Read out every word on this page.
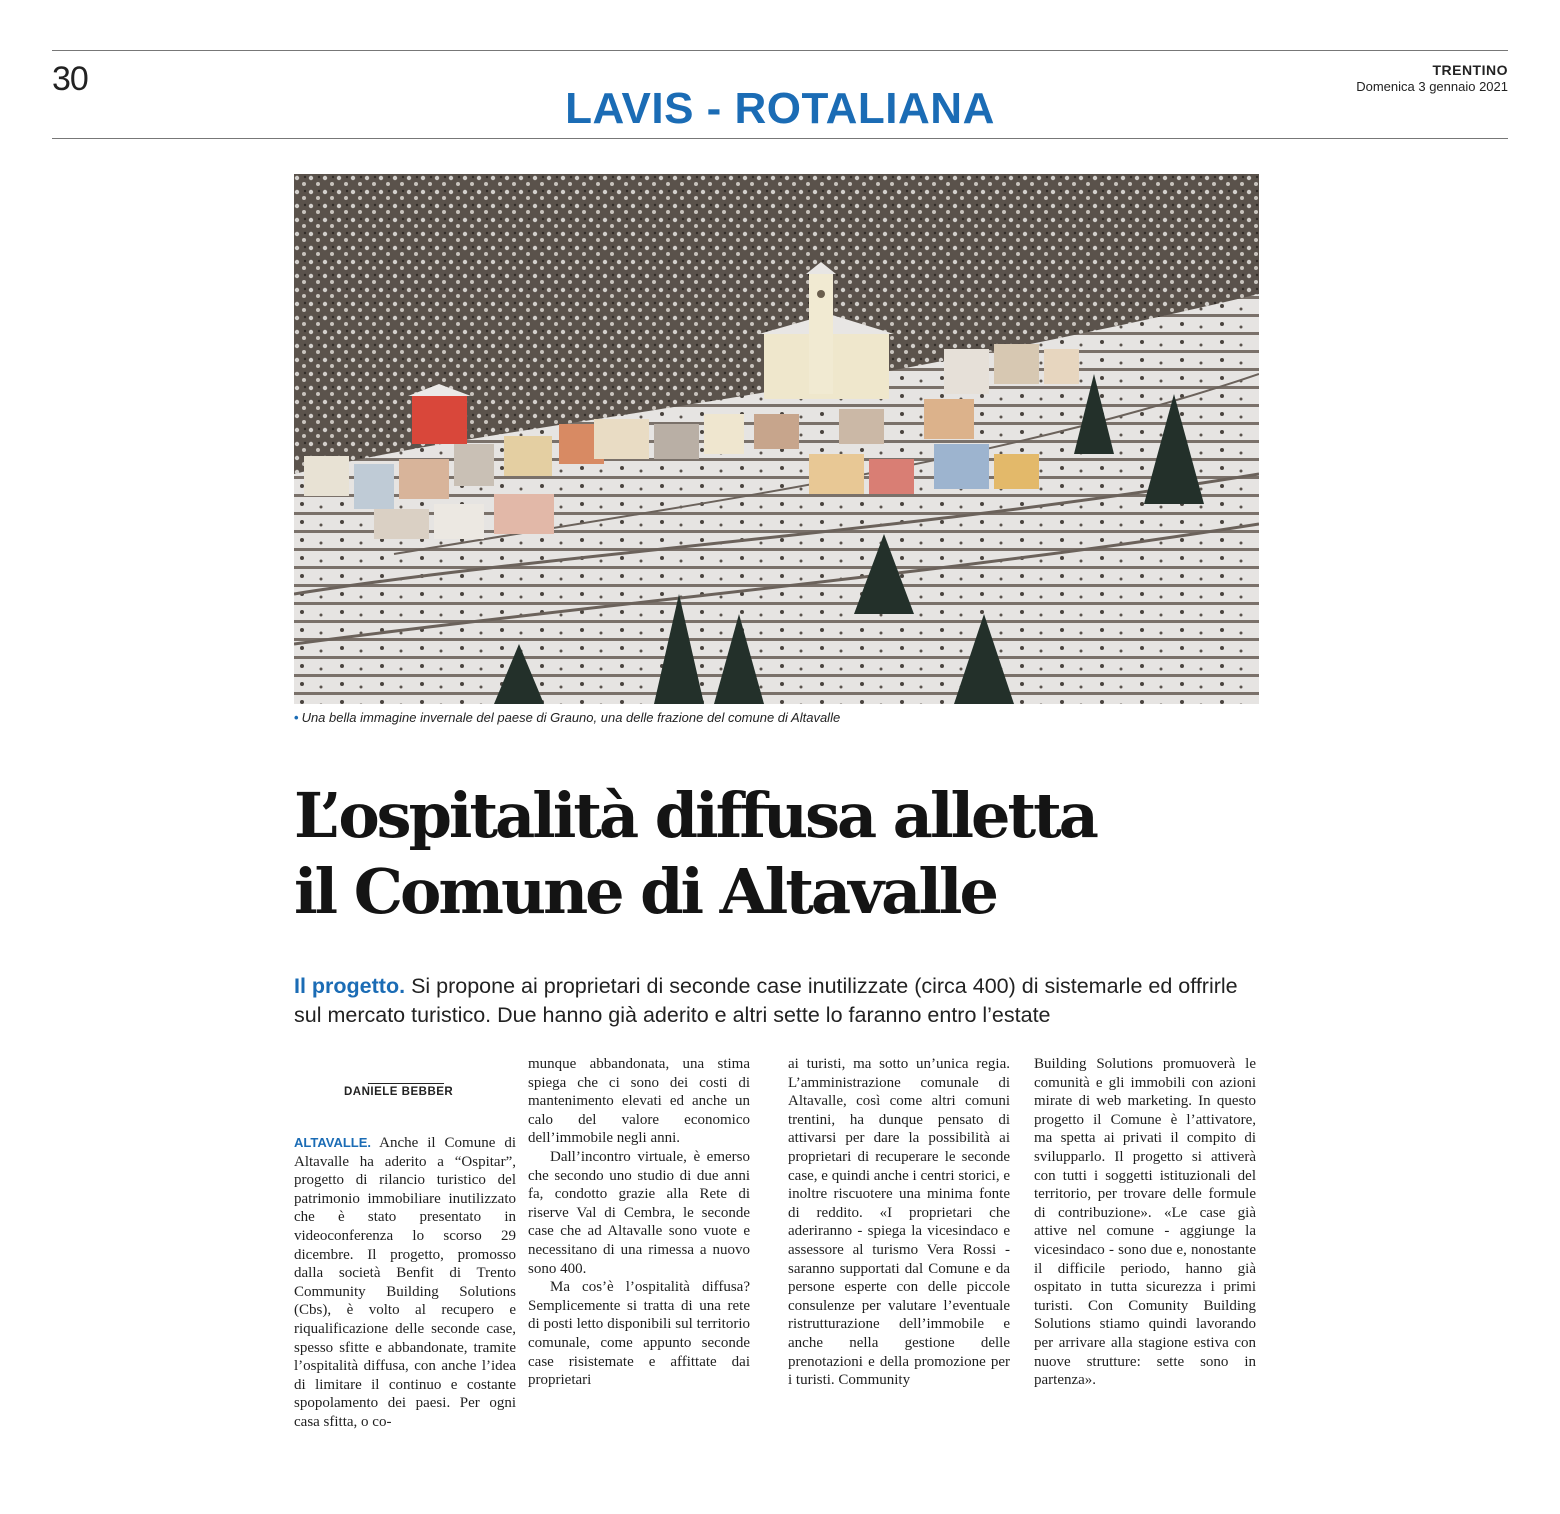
30	TRENTINO
Domenica 3 gennaio 2021
LAVIS - ROTALIANA
• Una bella immagine invernale del paese di Grauno, una delle frazione del comune di Altavalle
L’ospitalità diffusa alletta
il Comune di Altavalle
Il progetto. Si propone ai proprietari di seconde case inutilizzate (circa 400) di sistemarle ed offrirle sul mercato turistico. Due hanno già aderito e altri sette lo faranno entro l’estate
DANIELE BEBBER

ALTAVALLE. Anche il Comune di Altavalle ha aderito a “Ospitar”, progetto di rilancio turistico del patrimonio immobiliare inutilizzato che è stato presentato in videoconferenza lo scorso 29 dicembre. Il progetto, promosso dalla società Benfit di Trento Community Building Solutions (Cbs), è volto al recupero e riqualificazione delle seconde case, spesso sfitte e abbandonate, tramite l’ospitalità diffusa, con anche l’idea di limitare il continuo e costante spopolamento dei paesi. Per ogni casa sfitta, o co-

munque abbandonata, una stima spiega che ci sono dei costi di mantenimento elevati ed anche un calo del valore economico dell’immobile negli anni.

Dall’incontro virtuale, è emerso che secondo uno studio di due anni fa, condotto grazie alla Rete di riserve Val di Cembra, le seconde case che ad Altavalle sono vuote e necessitano di una rimessa a nuovo sono 400.

Ma cos’è l’ospitalità diffusa? Semplicemente si tratta di una rete di posti letto disponibili sul territorio comunale, come appunto seconde case risistemate e affittate dai proprietari

ai turisti, ma sotto un’unica regia. L’amministrazione comunale di Altavalle, così come altri comuni trentini, ha dunque pensato di attivarsi per dare la possibilità ai proprietari di recuperare le seconde case, e quindi anche i centri storici, e inoltre riscuotere una minima fonte di reddito. «I proprietari che aderiranno - spiega la vicesindaco e assessore al turismo Vera Rossi - saranno supportati dal Comune e da persone esperte con delle piccole consulenze per valutare l’eventuale ristrutturazione dell’immobile e anche nella gestione delle prenotazioni e della promozione per i turisti. Community

Building Solutions promuoverà le comunità e gli immobili con azioni mirate di web marketing. In questo progetto il Comune è l’attivatore, ma spetta ai privati il compito di svilupparlo. Il progetto si attiverà con tutti i soggetti istituzionali del territorio, per trovare delle formule di contribuzione». «Le case già attive nel comune - aggiunge la vicesindaco - sono due e, nonostante il difficile periodo, hanno già ospitato in tutta sicurezza i primi turisti. Con Comunity Building Solutions stiamo quindi lavorando per arrivare alla stagione estiva con nuove strutture: sette sono in partenza».
